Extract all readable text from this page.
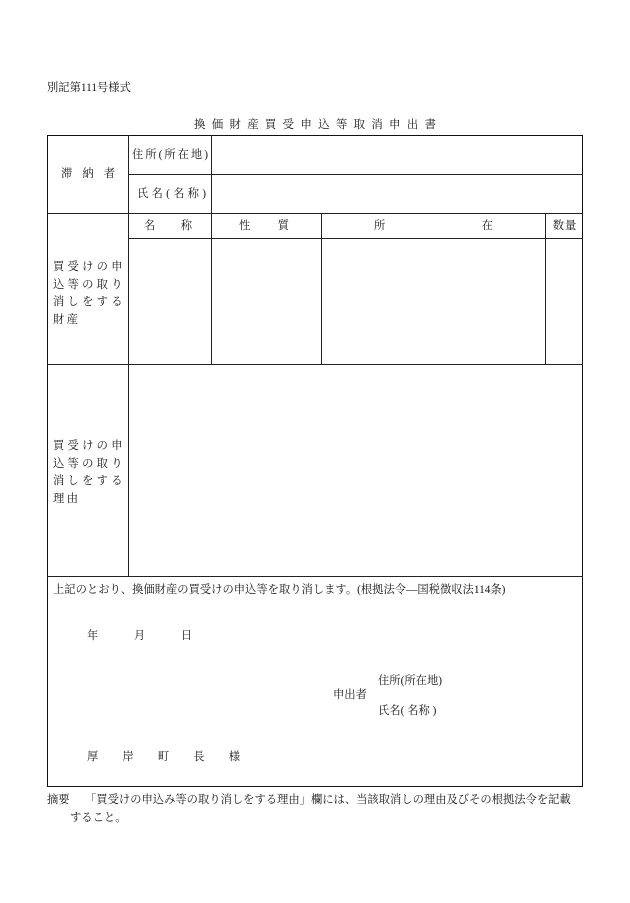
別記第111号様式
換 価 財 産 買 受 申 込 等 取 消 申 出 書
滞 納 者
住所(所在地)
氏名(名称)
買受けの申込等の取り消しをする財産
名 称	性 質	所 在	数量
買受けの申込等の取り消しをする理由
上記のとおり、換価財産の買受けの申込等を取り消します。(根拠法令―国税徴収法114条)
年 月 日
住所(所在地)
申出者
氏名( 名称 )
厚 岸 町 長 様
摘要 「買受けの申込み等の取り消しをする理由」欄には、当該取消しの理由及びその根拠法令を記載
すること。
